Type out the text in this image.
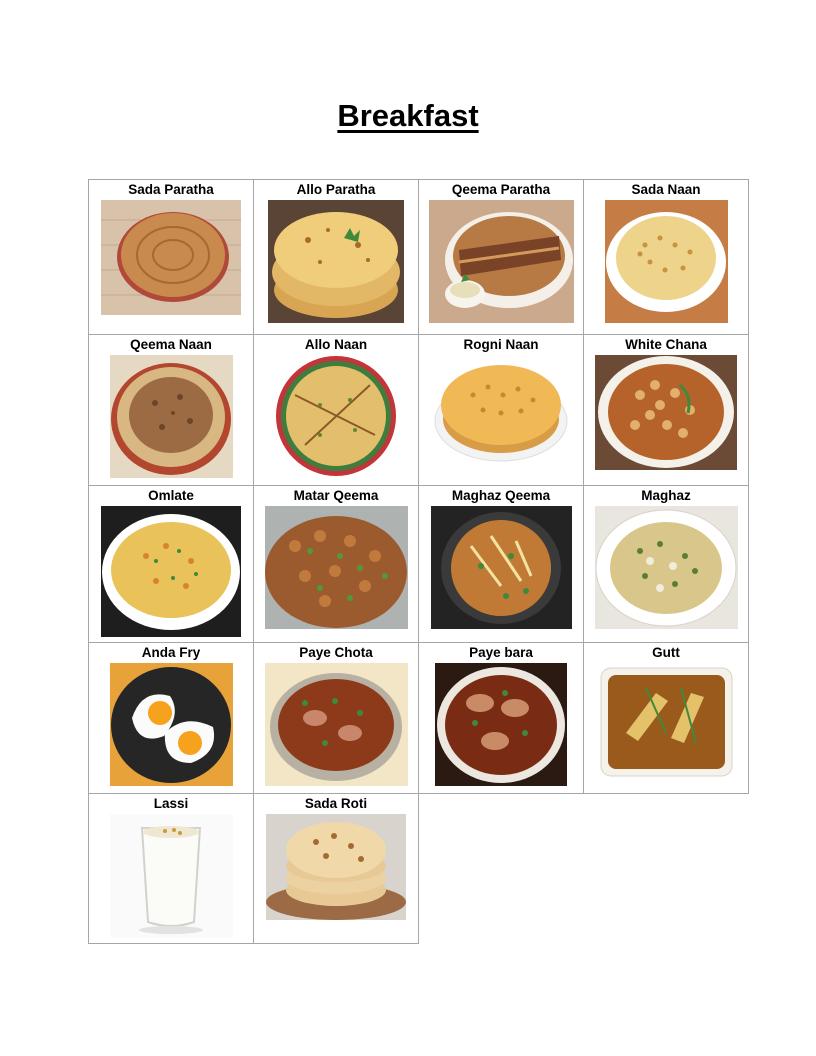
Breakfast
Sada Paratha	Allo Paratha	Qeema Paratha	Sada Naan

Qeema Naan	Allo Naan	Rogni Naan	White Chana

Omlate	Matar Qeema	Maghaz Qeema	Maghaz

Anda Fry	Paye Chota	Paye bara	Gutt

Lassi	Sada Roti		
